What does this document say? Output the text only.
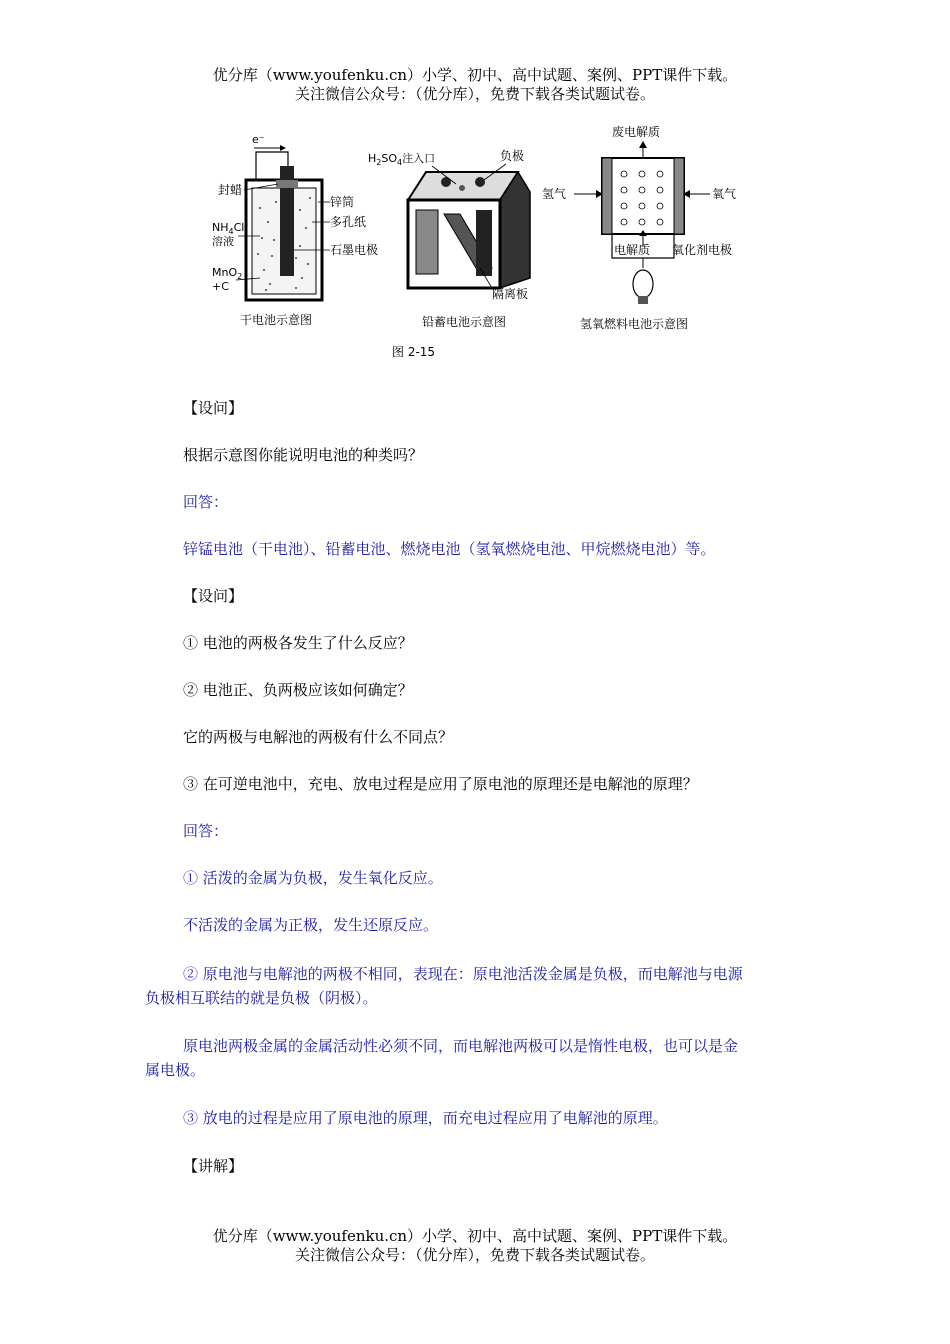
优分库（www.youfenku.cn）小学、初中、高中试题、案例、PPT课件下载。
关注微信公众号：（优分库），免费下载各类试题试卷。
e⁻
封蜡
$NH_4Cl$
溶液
MnO$_2$
+C
锌筒
多孔纸
石墨电极
干电池示意图
$H_2SO_4$注入口	负极
隔离板
铅蓄电池示意图
废电解质
氢气	氧气
电解质 氧化剂电极
氢氧燃料电池示意图
图 2-15
【设问】
根据示意图你能说明电池的种类吗？
回答：
锌锰电池（干电池）、铅蓄电池、燃烧电池（氢氧燃烧电池、甲烷燃烧电池）等。
【设问】
① 电池的两极各发生了什么反应？
② 电池正、负两极应该如何确定？
它的两极与电解池的两极有什么不同点？
③ 在可逆电池中，充电、放电过程是应用了原电池的原理还是电解池的原理？
回答：
① 活泼的金属为负极，发生氧化反应。
不活泼的金属为正极，发生还原反应。
② 原电池与电解池的两极不相同，表现在：原电池活泼金属是负极，而电解池与电源
负极相互联结的就是负极（阴极）。
原电池两极金属的金属活动性必须不同，而电解池两极可以是惰性电极，也可以是金
属电极。
③ 放电的过程是应用了原电池的原理，而充电过程应用了电解池的原理。
【讲解】
优分库（www.youfenku.cn）小学、初中、高中试题、案例、PPT课件下载。
关注微信公众号：（优分库），免费下载各类试题试卷。
